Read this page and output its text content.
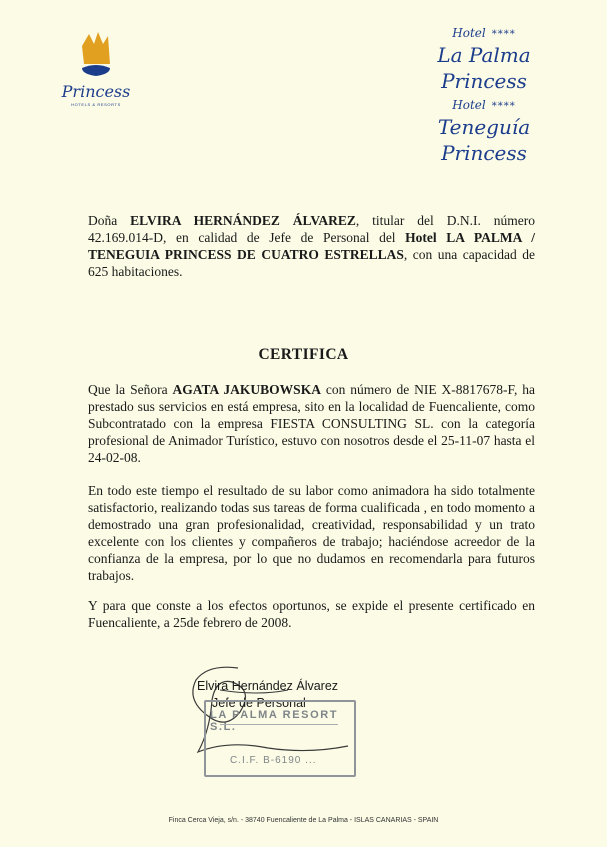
Princess
HOTELS & RESORTS
Hotel ****
La Palma Princess
Hotel ****
Teneguía Princess
Doña ELVIRA HERNÁNDEZ ÁLVAREZ, titular del D.N.I. número 42.169.014-D, en calidad de Jefe de Personal del Hotel LA PALMA / TENEGUIA PRINCESS DE CUATRO ESTRELLAS, con una capacidad de 625 habitaciones.
CERTIFICA
Que la Señora AGATA JAKUBOWSKA con número de NIE X-8817678-F, ha prestado sus servicios en está empresa, sito en la localidad de Fuencaliente, como Subcontratado con la empresa FIESTA CONSULTING SL. con la categoría profesional de Animador Turístico, estuvo con nosotros desde el 25-11-07 hasta el 24-02-08.
En todo este tiempo el resultado de su labor como animadora ha sido totalmente satisfactorio, realizando todas sus tareas de forma cualificada , en todo momento a demostrado una gran profesionalidad, creatividad, responsabilidad y un trato excelente con los clientes y compañeros de trabajo; haciéndose acreedor de la confianza de la empresa, por lo que no dudamos en recomendarla para futuros trabajos.
Y para que conste a los efectos oportunos, se expide el presente certificado en Fuencaliente, a 25de febrero de 2008.
Elvira Hernández Álvarez
Jefe de Personal
LA PALMA RESORT S.L.
C.I.F. B-6190 ...
Finca Cerca Vieja, s/n. - 38740 Fuencaliente de La Palma - ISLAS CANARIAS - SPAIN
